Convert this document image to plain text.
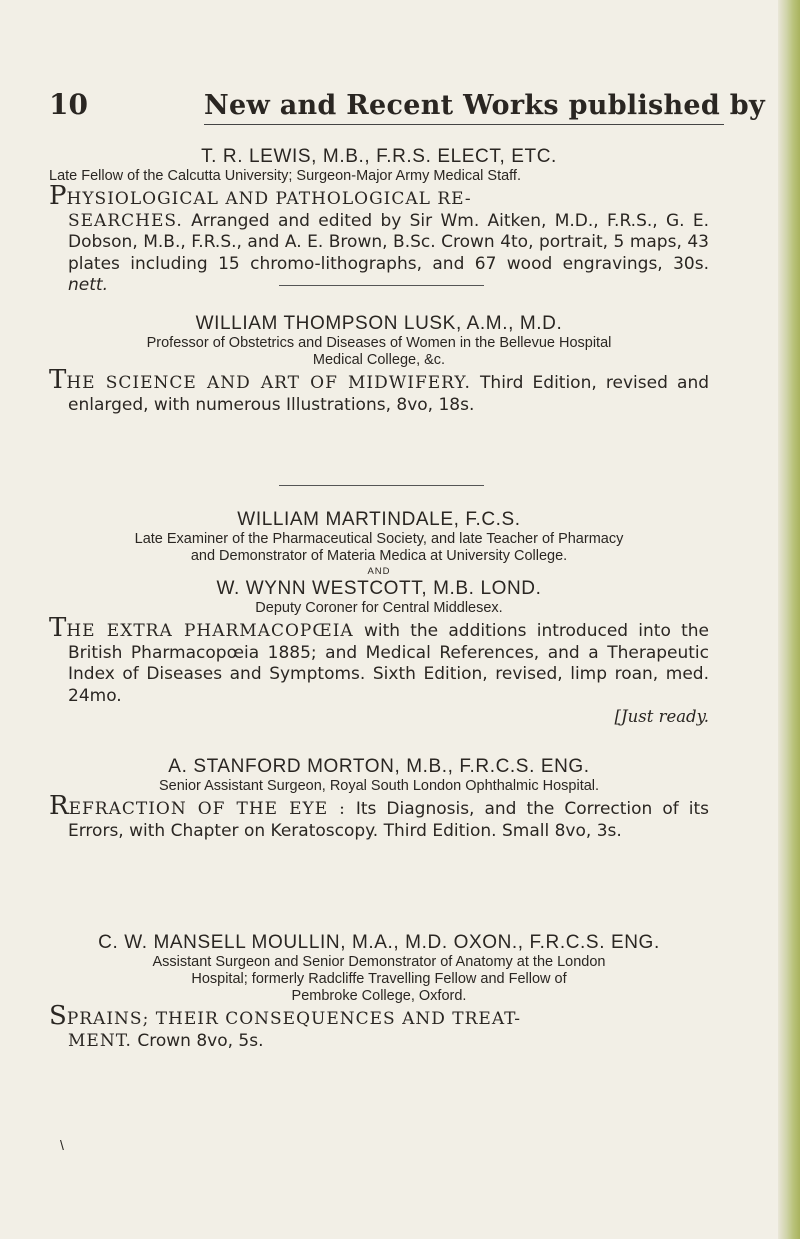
10	New and Recent Works published by
T. R. LEWIS, M.B., F.R.S. ELECT, ETC.
Late Fellow of the Calcutta University; Surgeon-Major Army Medical Staff.
PHYSIOLOGICAL AND PATHOLOGICAL RE-
SEARCHES. Arranged and edited by Sir Wm. Aitken, M.D., F.R.S., G. E. Dobson, M.B., F.R.S., and A. E. Brown, B.Sc. Crown 4to, portrait, 5 maps, 43 plates including 15 chromo-lithographs, and 67 wood engravings, 30s. nett.
WILLIAM THOMPSON LUSK, A.M., M.D.
Professor of Obstetrics and Diseases of Women in the Bellevue Hospital
Medical College, &c.
THE SCIENCE AND ART OF MIDWIFERY. Third Edition, revised and enlarged, with numerous Illustrations, 8vo, 18s.
WILLIAM MARTINDALE, F.C.S.
Late Examiner of the Pharmaceutical Society, and late Teacher of Pharmacy
and Demonstrator of Materia Medica at University College.
AND
W. WYNN WESTCOTT, M.B. LOND.
Deputy Coroner for Central Middlesex.
THE EXTRA PHARMACOPŒIA with the additions introduced into the British Pharmacopœia 1885; and Medical References, and a Therapeutic Index of Diseases and Symptoms. Sixth Edition, revised, limp roan, med. 24mo.
[Just ready.
A. STANFORD MORTON, M.B., F.R.C.S. ENG.
Senior Assistant Surgeon, Royal South London Ophthalmic Hospital.
REFRACTION OF THE EYE : Its Diagnosis, and the Correction of its Errors, with Chapter on Keratoscopy. Third Edition. Small 8vo, 3s.
C. W. MANSELL MOULLIN, M.A., M.D. OXON., F.R.C.S. ENG.
Assistant Surgeon and Senior Demonstrator of Anatomy at the London
Hospital; formerly Radcliffe Travelling Fellow and Fellow of
Pembroke College, Oxford.
SPRAINS; THEIR CONSEQUENCES AND TREAT-
MENT. Crown 8vo, 5s.
\
